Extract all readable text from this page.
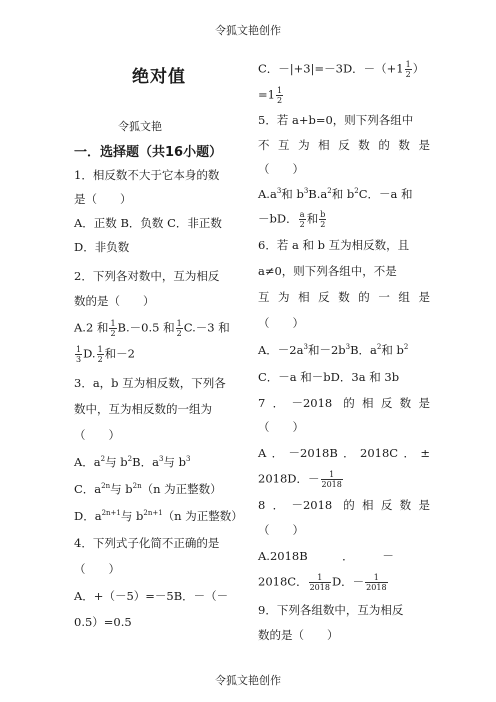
令狐文艳创作
绝对值
令狐文艳
一．选择题（共16小题）
1．相反数不大于它本身的数
是（　　）
A．正数 B．负数 C．非正数
D．非负数
2．下列各对数中，互为相反
数的是（　　）
A.2 和 $\frac{1}{2} B.-0.5$ 和 $\frac{1}{2} C.-3$ 和
$\frac{1}{3} D$. $\frac{1}{2}$ 和－2
3．a，b 互为相反数，下列各
数中，互为相反数的一组为
（　　）
A．$a^2$与 $b^2B$．$a^3$与 $b^3$
C．$a^{2n}$与 $b^{2n}(n$ 为正整数）
D．$a^{2n+1}$与 $b^{2n+1}(n$ 为正整数）
4．下列式子化简不正确的是
（　　）
A．+（－5）=－5B．－（－
0.5）=0.5
C．－|+3|=－3D．$-(+1 \frac{1}{2}$ ）
$=1 \frac{1}{2}$
5．若 a+b=0，则下列各组中
不互为相反数的数是
（　　）
$A.a^3$和 $b^3B.a^2$和 $b^2C$．－a 和
－bD． $\frac{a}{2}$ 和 $\frac{b}{2}$
6．若 a 和 b 互为相反数，且
a≠0，则下列各组中，不是
互为相反数的一组是
（　　）
A．$-2a^3$和$-2b^3B$．$a^2$和 $b^2$
C．－a 和－bD．3a 和 3b
7．－2018 的相反数是
（　　）
A．－2018B．2018C．±
2018D．－ $\frac{1}{2018}$
8．－2018 的相反数是
（　　）
A.2018B　　　．　　　－
2018C． $\frac{1}{2018}$ D．－ $\frac{1}{2018}$
9．下列各组数中，互为相反
数的是（　　）
令狐文艳创作
